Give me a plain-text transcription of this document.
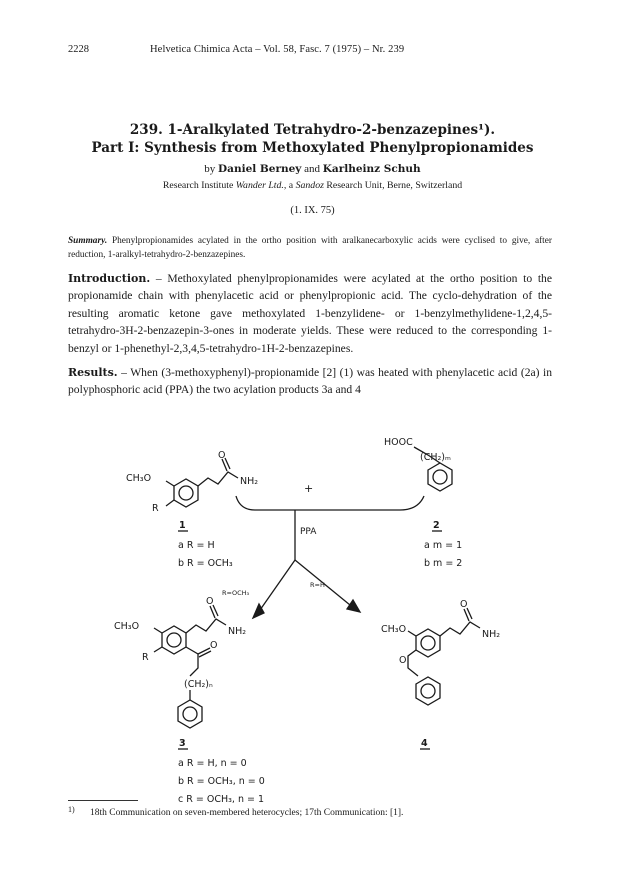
2228	Helvetica Chimica Acta – Vol. 58, Fasc. 7 (1975) – Nr. 239
239. 1-Aralkylated Tetrahydro-2-benzazepines¹).
Part I: Synthesis from Methoxylated Phenylpropionamides
by Daniel Berney and Karlheinz Schuh
Research Institute Wander Ltd., a Sandoz Research Unit, Berne, Switzerland
(1. IX. 75)
Summary. Phenylpropionamides acylated in the ortho position with aralkanecarboxylic acids were cyclised to give, after reduction, 1-aralkyl-tetrahydro-2-benzazepines.
Introduction. – Methoxylated phenylpropionamides were acylated at the ortho position to the propionamide chain with phenylacetic acid or phenylpropionic acid. The cyclo-dehydration of the resulting aromatic ketone gave methoxylated 1-benzylidene- or 1-benzylmethylidene-1,2,4,5-tetrahydro-3H-2-benzazepin-3-ones in moderate yields. These were reduced to the corresponding 1-benzyl or 1-phenethyl-2,3,4,5-tetrahydro-1H-2-benzazepines.
Results. – When (3-methoxyphenyl)-propionamide [2] (1) was heated with phenylacetic acid (2a) in polyphosphoric acid (PPA) the two acylation products 3a and 4
CH₃O	NH₂
R
O
1
a R = H
b R = OCH₃
+
HOOC
(CH₂)ₘ
2
a m = 1
b m = 2
PPA
R=OCH₃
R=H
CH₃O	NH₂
R
O
O
(CH₂)ₙ
3
a R = H, n = 0
b R = OCH₃, n = 0
c R = OCH₃, n = 1
CH₃O	NH₂
O
O
4
1) 18th Communication on seven-membered heterocycles; 17th Communication: [1].
